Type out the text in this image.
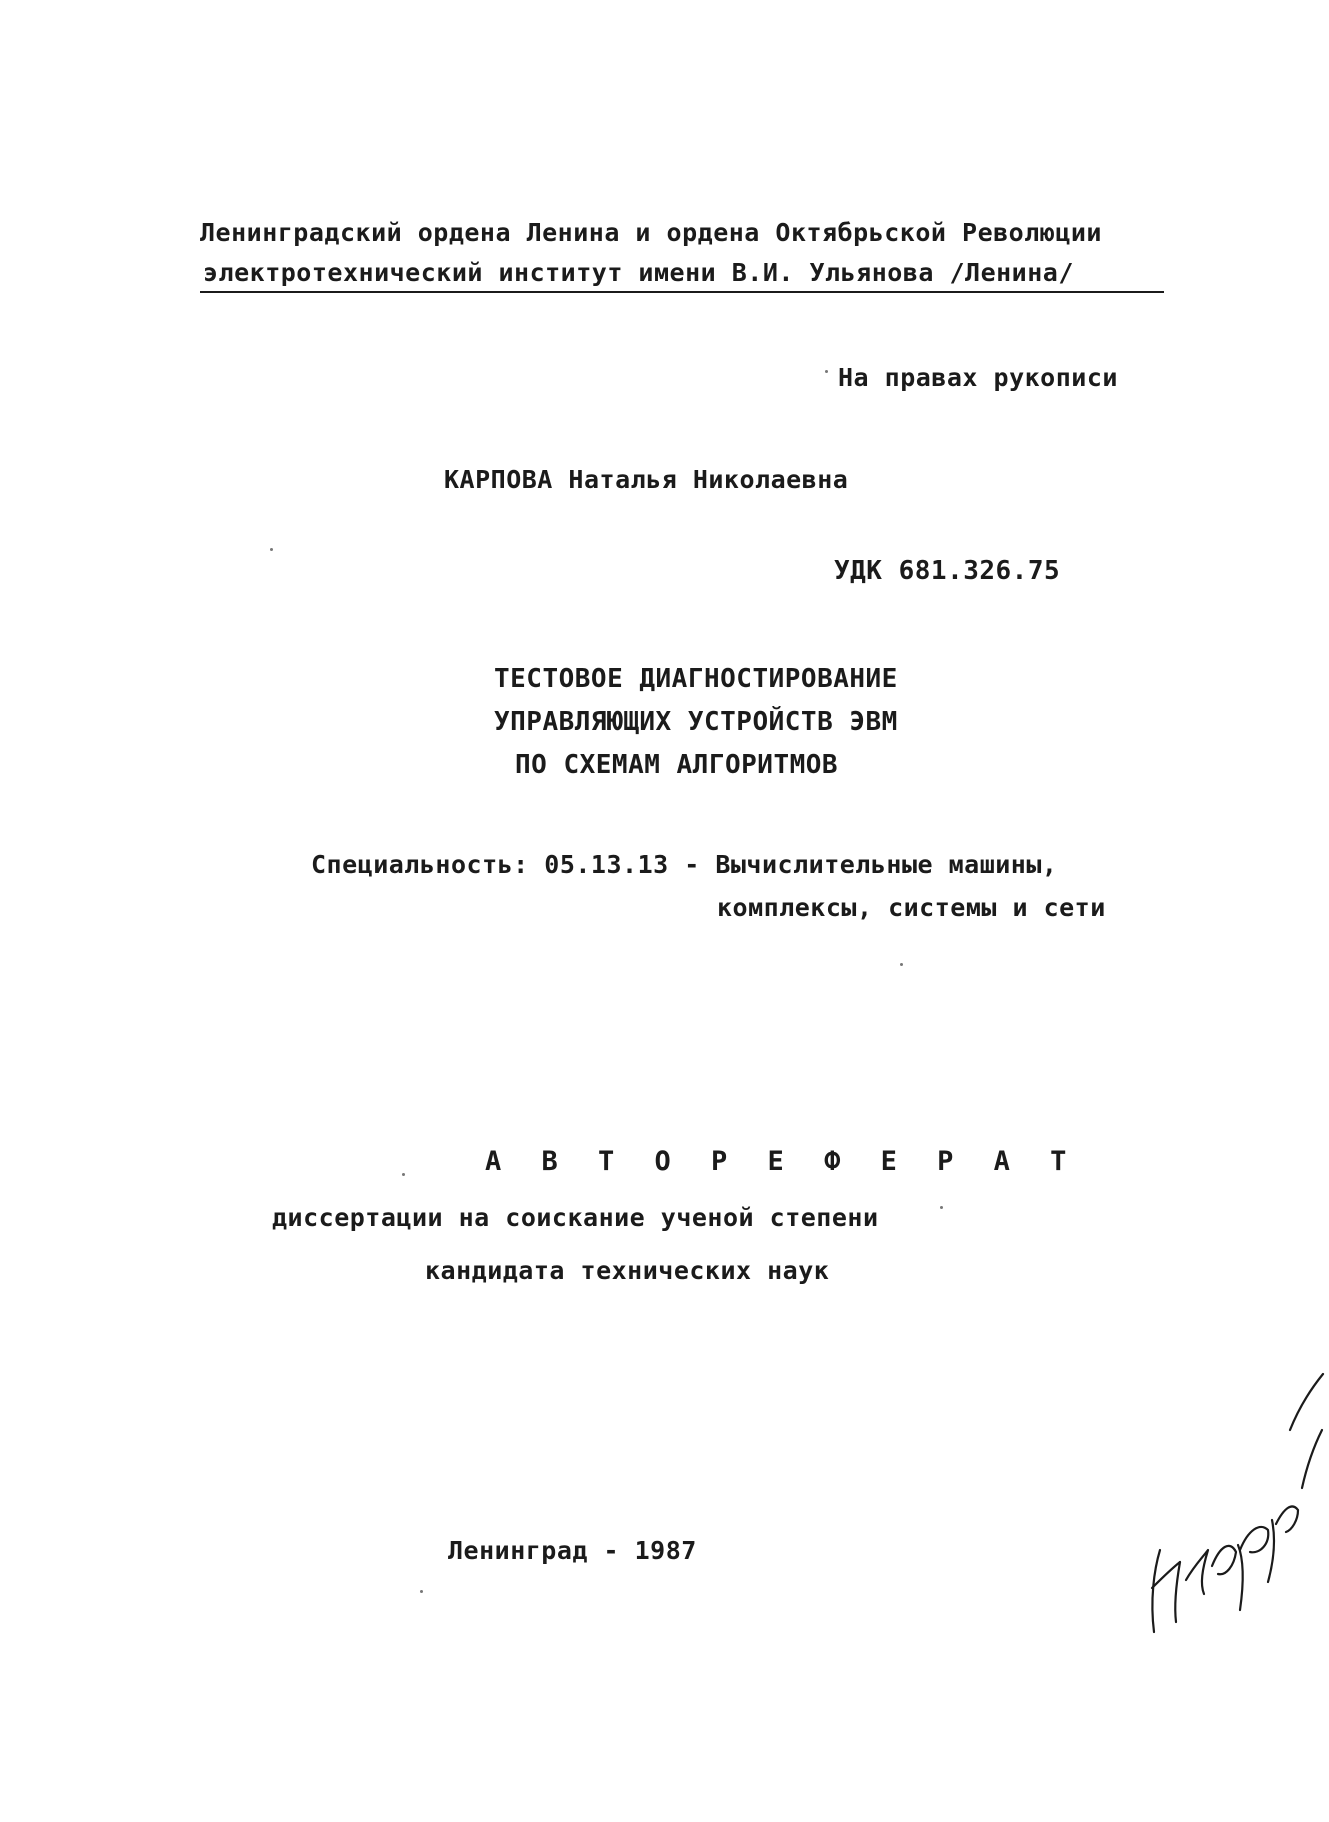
Ленинградский ордена Ленина и ордена Октябрьской Революции
электротехнический институт имени В.И. Ульянова /Ленина/
На правах рукописи
КАРПОВА Наталья Николаевна
УДК 681.326.75
ТЕСТОВОЕ ДИАГНОСТИРОВАНИЕ
УПРАВЛЯЮЩИХ УСТРОЙСТВ ЭВМ
ПО СХЕМАМ АЛГОРИТМОВ
Специальность: 05.13.13 - Вычислительные машины,
комплексы, системы и сети
А В Т О Р Е Ф Е Р А Т
диссертации на соискание ученой степени
кандидата технических наук
Ленинград - 1987
